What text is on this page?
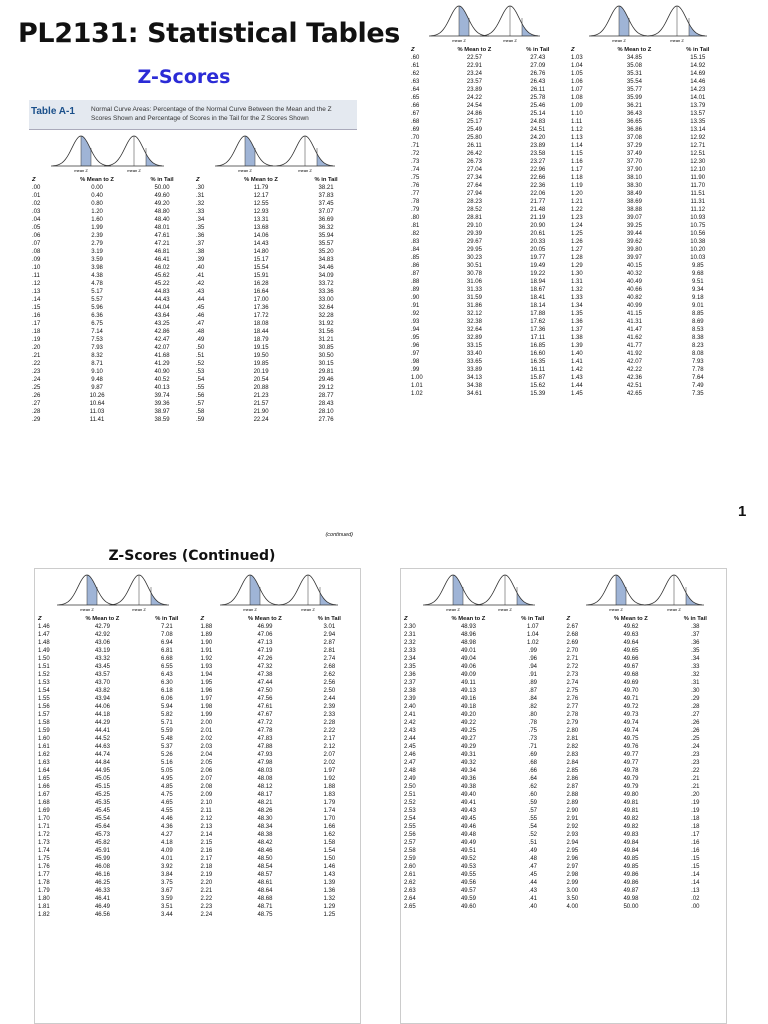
PL2131: Statistical Tables
Z-Scores
Table A-1 Normal Curve Areas: Percentage of the Normal Curve Between the Mean and the Z Scores Shown and Percentage of Scores in the Tail for the Z Scores Shown
mean Z	mean Z	mean Z	mean Z
Z	% Mean to Z	% in Tail	Z	% Mean to Z	% in Tail
.00	0.00	50.00	.30	11.79	38.21
.01	0.40	49.60	.31	12.17	37.83
.02	0.80	49.20	.32	12.55	37.45
.03	1.20	48.80	.33	12.93	37.07
.04	1.60	48.40	.34	13.31	36.69
.05	1.99	48.01	.35	13.68	36.32
.06	2.39	47.61	.36	14.06	35.94
.07	2.79	47.21	.37	14.43	35.57
.08	3.19	46.81	.38	14.80	35.20
.09	3.59	46.41	.39	15.17	34.83
.10	3.98	46.02	.40	15.54	34.46
.11	4.38	45.62	.41	15.91	34.09
.12	4.78	45.22	.42	16.28	33.72
.13	5.17	44.83	.43	16.64	33.36
.14	5.57	44.43	.44	17.00	33.00
.15	5.96	44.04	.45	17.36	32.64
.16	6.36	43.64	.46	17.72	32.28
.17	6.75	43.25	.47	18.08	31.92
.18	7.14	42.86	.48	18.44	31.56
.19	7.53	42.47	.49	18.79	31.21
.20	7.93	42.07	.50	19.15	30.85
.21	8.32	41.68	.51	19.50	30.50
.22	8.71	41.29	.52	19.85	30.15
.23	9.10	40.90	.53	20.19	29.81
.24	9.48	40.52	.54	20.54	29.46
.25	9.87	40.13	.55	20.88	29.12
.26	10.26	39.74	.56	21.23	28.77
.27	10.64	39.36	.57	21.57	28.43
.28	11.03	38.97	.58	21.90	28.10
.29	11.41	38.59	.59	22.24	27.76
(continued)
mean Z	mean Z	mean Z	mean Z
Z	% Mean to Z	% in Tail	Z	% Mean to Z	% in Tail
.60	22.57	27.43	1.03	34.85	15.15
.61	22.91	27.09	1.04	35.08	14.92
.62	23.24	26.76	1.05	35.31	14.69
.63	23.57	26.43	1.06	35.54	14.46
.64	23.89	26.11	1.07	35.77	14.23
.65	24.22	25.78	1.08	35.99	14.01
.66	24.54	25.46	1.09	36.21	13.79
.67	24.86	25.14	1.10	36.43	13.57
.68	25.17	24.83	1.11	36.65	13.35
.69	25.49	24.51	1.12	36.86	13.14
.70	25.80	24.20	1.13	37.08	12.92
.71	26.11	23.89	1.14	37.29	12.71
.72	26.42	23.58	1.15	37.49	12.51
.73	26.73	23.27	1.16	37.70	12.30
.74	27.04	22.96	1.17	37.90	12.10
.75	27.34	22.66	1.18	38.10	11.90
.76	27.64	22.36	1.19	38.30	11.70
.77	27.94	22.06	1.20	38.49	11.51
.78	28.23	21.77	1.21	38.69	11.31
.79	28.52	21.48	1.22	38.88	11.12
.80	28.81	21.19	1.23	39.07	10.93
.81	29.10	20.90	1.24	39.25	10.75
.82	29.39	20.61	1.25	39.44	10.56
.83	29.67	20.33	1.26	39.62	10.38
.84	29.95	20.05	1.27	39.80	10.20
.85	30.23	19.77	1.28	39.97	10.03
.86	30.51	19.49	1.29	40.15	9.85
.87	30.78	19.22	1.30	40.32	9.68
.88	31.06	18.94	1.31	40.49	9.51
.89	31.33	18.67	1.32	40.66	9.34
.90	31.59	18.41	1.33	40.82	9.18
.91	31.86	18.14	1.34	40.99	9.01
.92	32.12	17.88	1.35	41.15	8.85
.93	32.38	17.62	1.36	41.31	8.69
.94	32.64	17.36	1.37	41.47	8.53
.95	32.89	17.11	1.38	41.62	8.38
.96	33.15	16.85	1.39	41.77	8.23
.97	33.40	16.60	1.40	41.92	8.08
.98	33.65	16.35	1.41	42.07	7.93
.99	33.89	16.11	1.42	42.22	7.78
1.00	34.13	15.87	1.43	42.36	7.64
1.01	34.38	15.62	1.44	42.51	7.49
1.02	34.61	15.39	1.45	42.65	7.35
1
Z-Scores (Continued)
mean Z	mean Z	mean Z	mean Z
Z	% Mean to Z	% in Tail	Z	% Mean to Z	% in Tail
1.46	42.79	7.21	1.88	46.99	3.01
1.47	42.92	7.08	1.89	47.06	2.94
1.48	43.06	6.94	1.90	47.13	2.87
1.49	43.19	6.81	1.91	47.19	2.81
1.50	43.32	6.68	1.92	47.26	2.74
1.51	43.45	6.55	1.93	47.32	2.68
1.52	43.57	6.43	1.94	47.38	2.62
1.53	43.70	6.30	1.95	47.44	2.56
1.54	43.82	6.18	1.96	47.50	2.50
1.55	43.94	6.06	1.97	47.56	2.44
1.56	44.06	5.94	1.98	47.61	2.39
1.57	44.18	5.82	1.99	47.67	2.33
1.58	44.29	5.71	2.00	47.72	2.28
1.59	44.41	5.59	2.01	47.78	2.22
1.60	44.52	5.48	2.02	47.83	2.17
1.61	44.63	5.37	2.03	47.88	2.12
1.62	44.74	5.26	2.04	47.93	2.07
1.63	44.84	5.16	2.05	47.98	2.02
1.64	44.95	5.05	2.06	48.03	1.97
1.65	45.05	4.95	2.07	48.08	1.92
1.66	45.15	4.85	2.08	48.12	1.88
1.67	45.25	4.75	2.09	48.17	1.83
1.68	45.35	4.65	2.10	48.21	1.79
1.69	45.45	4.55	2.11	48.26	1.74
1.70	45.54	4.46	2.12	48.30	1.70
1.71	45.64	4.36	2.13	48.34	1.66
1.72	45.73	4.27	2.14	48.38	1.62
1.73	45.82	4.18	2.15	48.42	1.58
1.74	45.91	4.09	2.16	48.46	1.54
1.75	45.99	4.01	2.17	48.50	1.50
1.76	46.08	3.92	2.18	48.54	1.46
1.77	46.16	3.84	2.19	48.57	1.43
1.78	46.25	3.75	2.20	48.61	1.39
1.79	46.33	3.67	2.21	48.64	1.36
1.80	46.41	3.59	2.22	48.68	1.32
1.81	46.49	3.51	2.23	48.71	1.29
1.82	46.56	3.44	2.24	48.75	1.25
mean Z	mean Z	mean Z	mean Z
Z	% Mean to Z	% in Tail	Z	% Mean to Z	% in Tail
2.30	48.93	1.07	2.67	49.62	.38
2.31	48.96	1.04	2.68	49.63	.37
2.32	48.98	1.02	2.69	49.64	.36
2.33	49.01	.99	2.70	49.65	.35
2.34	49.04	.96	2.71	49.66	.34
2.35	49.06	.94	2.72	49.67	.33
2.36	49.09	.91	2.73	49.68	.32
2.37	49.11	.89	2.74	49.69	.31
2.38	49.13	.87	2.75	49.70	.30
2.39	49.16	.84	2.76	49.71	.29
2.40	49.18	.82	2.77	49.72	.28
2.41	49.20	.80	2.78	49.73	.27
2.42	49.22	.78	2.79	49.74	.26
2.43	49.25	.75	2.80	49.74	.26
2.44	49.27	.73	2.81	49.75	.25
2.45	49.29	.71	2.82	49.76	.24
2.46	49.31	.69	2.83	49.77	.23
2.47	49.32	.68	2.84	49.77	.23
2.48	49.34	.66	2.85	49.78	.22
2.49	49.36	.64	2.86	49.79	.21
2.50	49.38	.62	2.87	49.79	.21
2.51	49.40	.60	2.88	49.80	.20
2.52	49.41	.59	2.89	49.81	.19
2.53	49.43	.57	2.90	49.81	.19
2.54	49.45	.55	2.91	49.82	.18
2.55	49.46	.54	2.92	49.82	.18
2.56	49.48	.52	2.93	49.83	.17
2.57	49.49	.51	2.94	49.84	.16
2.58	49.51	.49	2.95	49.84	.16
2.59	49.52	.48	2.96	49.85	.15
2.60	49.53	.47	2.97	49.85	.15
2.61	49.55	.45	2.98	49.86	.14
2.62	49.56	.44	2.99	49.86	.14
2.63	49.57	.43	3.00	49.87	.13
2.64	49.59	.41	3.50	49.98	.02
2.65	49.60	.40	4.00	50.00	.00
